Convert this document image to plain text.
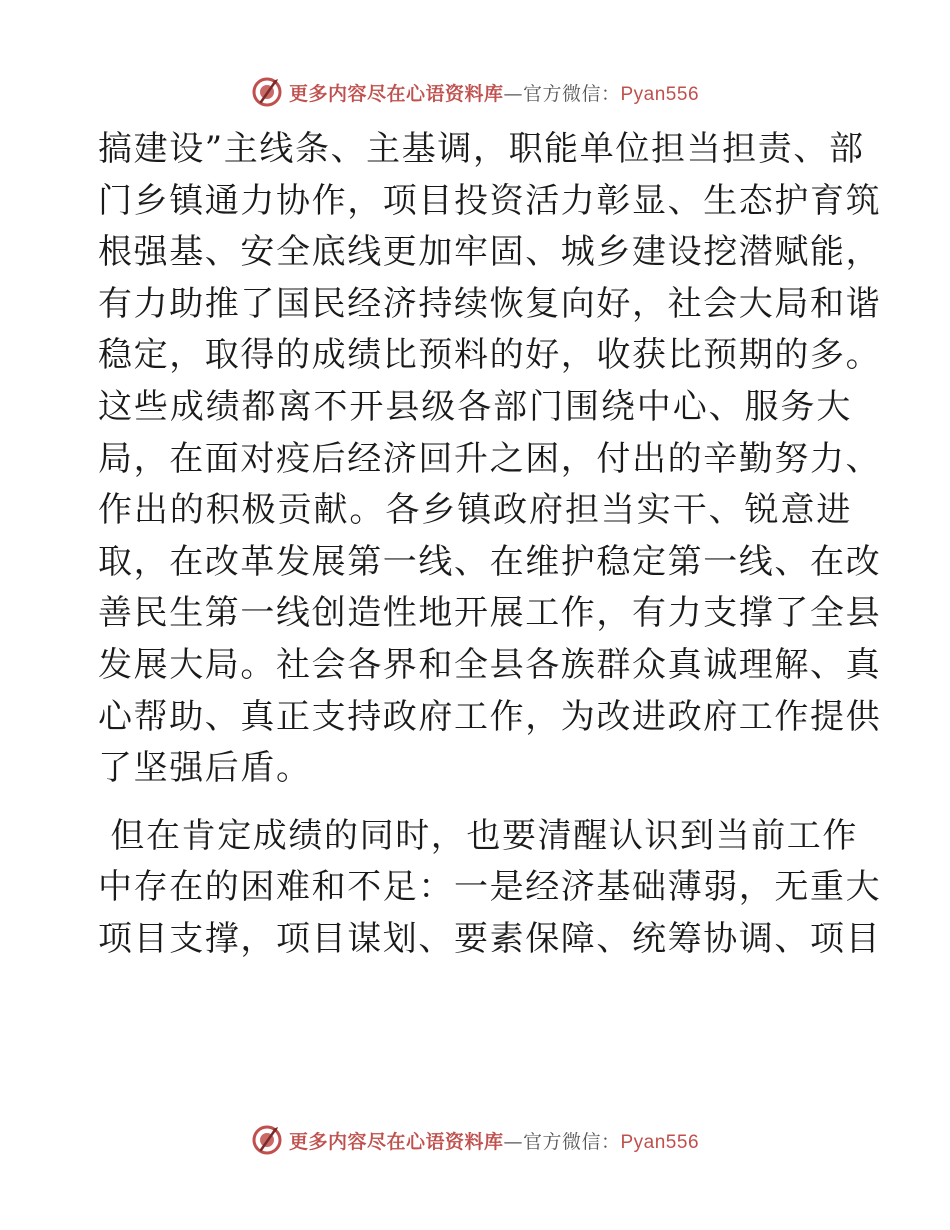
更多内容尽在心语资料库—官方微信：Pyan556

搞建设”主线条、主基调，职能单位担当担责、部
门乡镇通力协作，项目投资活力彰显、生态护育筑
根强基、安全底线更加牢固、城乡建设挖潜赋能，
有力助推了国民经济持续恢复向好，社会大局和谐
稳定，取得的成绩比预料的好，收获比预期的多。
这些成绩都离不开县级各部门围绕中心、服务大
局，在面对疫后经济回升之困，付出的辛勤努力、
作出的积极贡献。各乡镇政府担当实干、锐意进
取，在改革发展第一线、在维护稳定第一线、在改
善民生第一线创造性地开展工作，有力支撑了全县
发展大局。社会各界和全县各族群众真诚理解、真
心帮助、真正支持政府工作，为改进政府工作提供
了坚强后盾。

但在肯定成绩的同时，也要清醒认识到当前工作
中存在的困难和不足：一是经济基础薄弱，无重大
项目支撑，项目谋划、要素保障、统筹协调、项目

更多内容尽在心语资料库—官方微信：Pyan556
